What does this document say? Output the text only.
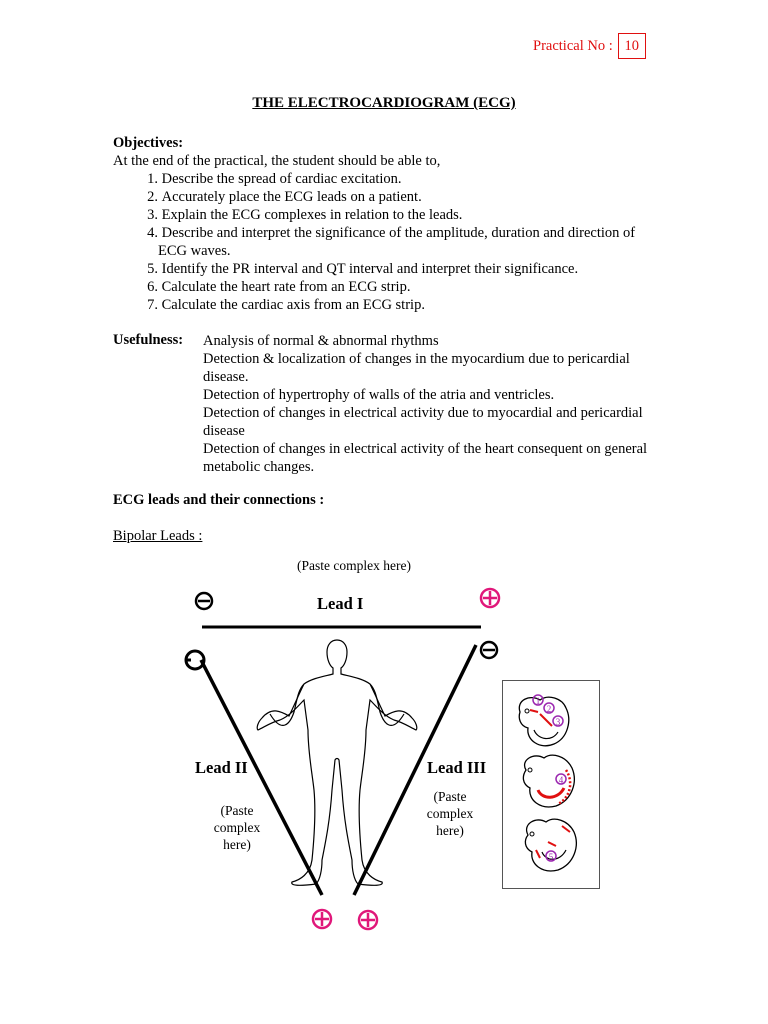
Practical No : 10
THE ELECTROCARDIOGRAM (ECG)
Objectives:
At the end of the practical, the student should be able to,
1. Describe the spread of cardiac excitation.
2. Accurately place the ECG leads on a patient.
3. Explain the ECG complexes in relation to the leads.
4. Describe and interpret the significance of the amplitude, duration and direction of ECG waves.
5. Identify the PR interval and QT interval and interpret their significance.
6. Calculate the heart rate from an ECG strip.
7. Calculate the cardiac axis from an ECG strip.
Usefulness: Analysis of normal & abnormal rhythms
Detection & localization of changes in the myocardium due to pericardial disease.
Detection of hypertrophy of walls of the atria and ventricles.
Detection of changes in electrical activity due to myocardial and pericardial disease
Detection of changes in electrical activity of the heart consequent on general metabolic changes.
ECG leads and their connections :
Bipolar Leads :
1
2
3
4
5
(Paste complex here)
Lead I
Lead II	Lead III
(Paste complex here)
(Paste complex here)
